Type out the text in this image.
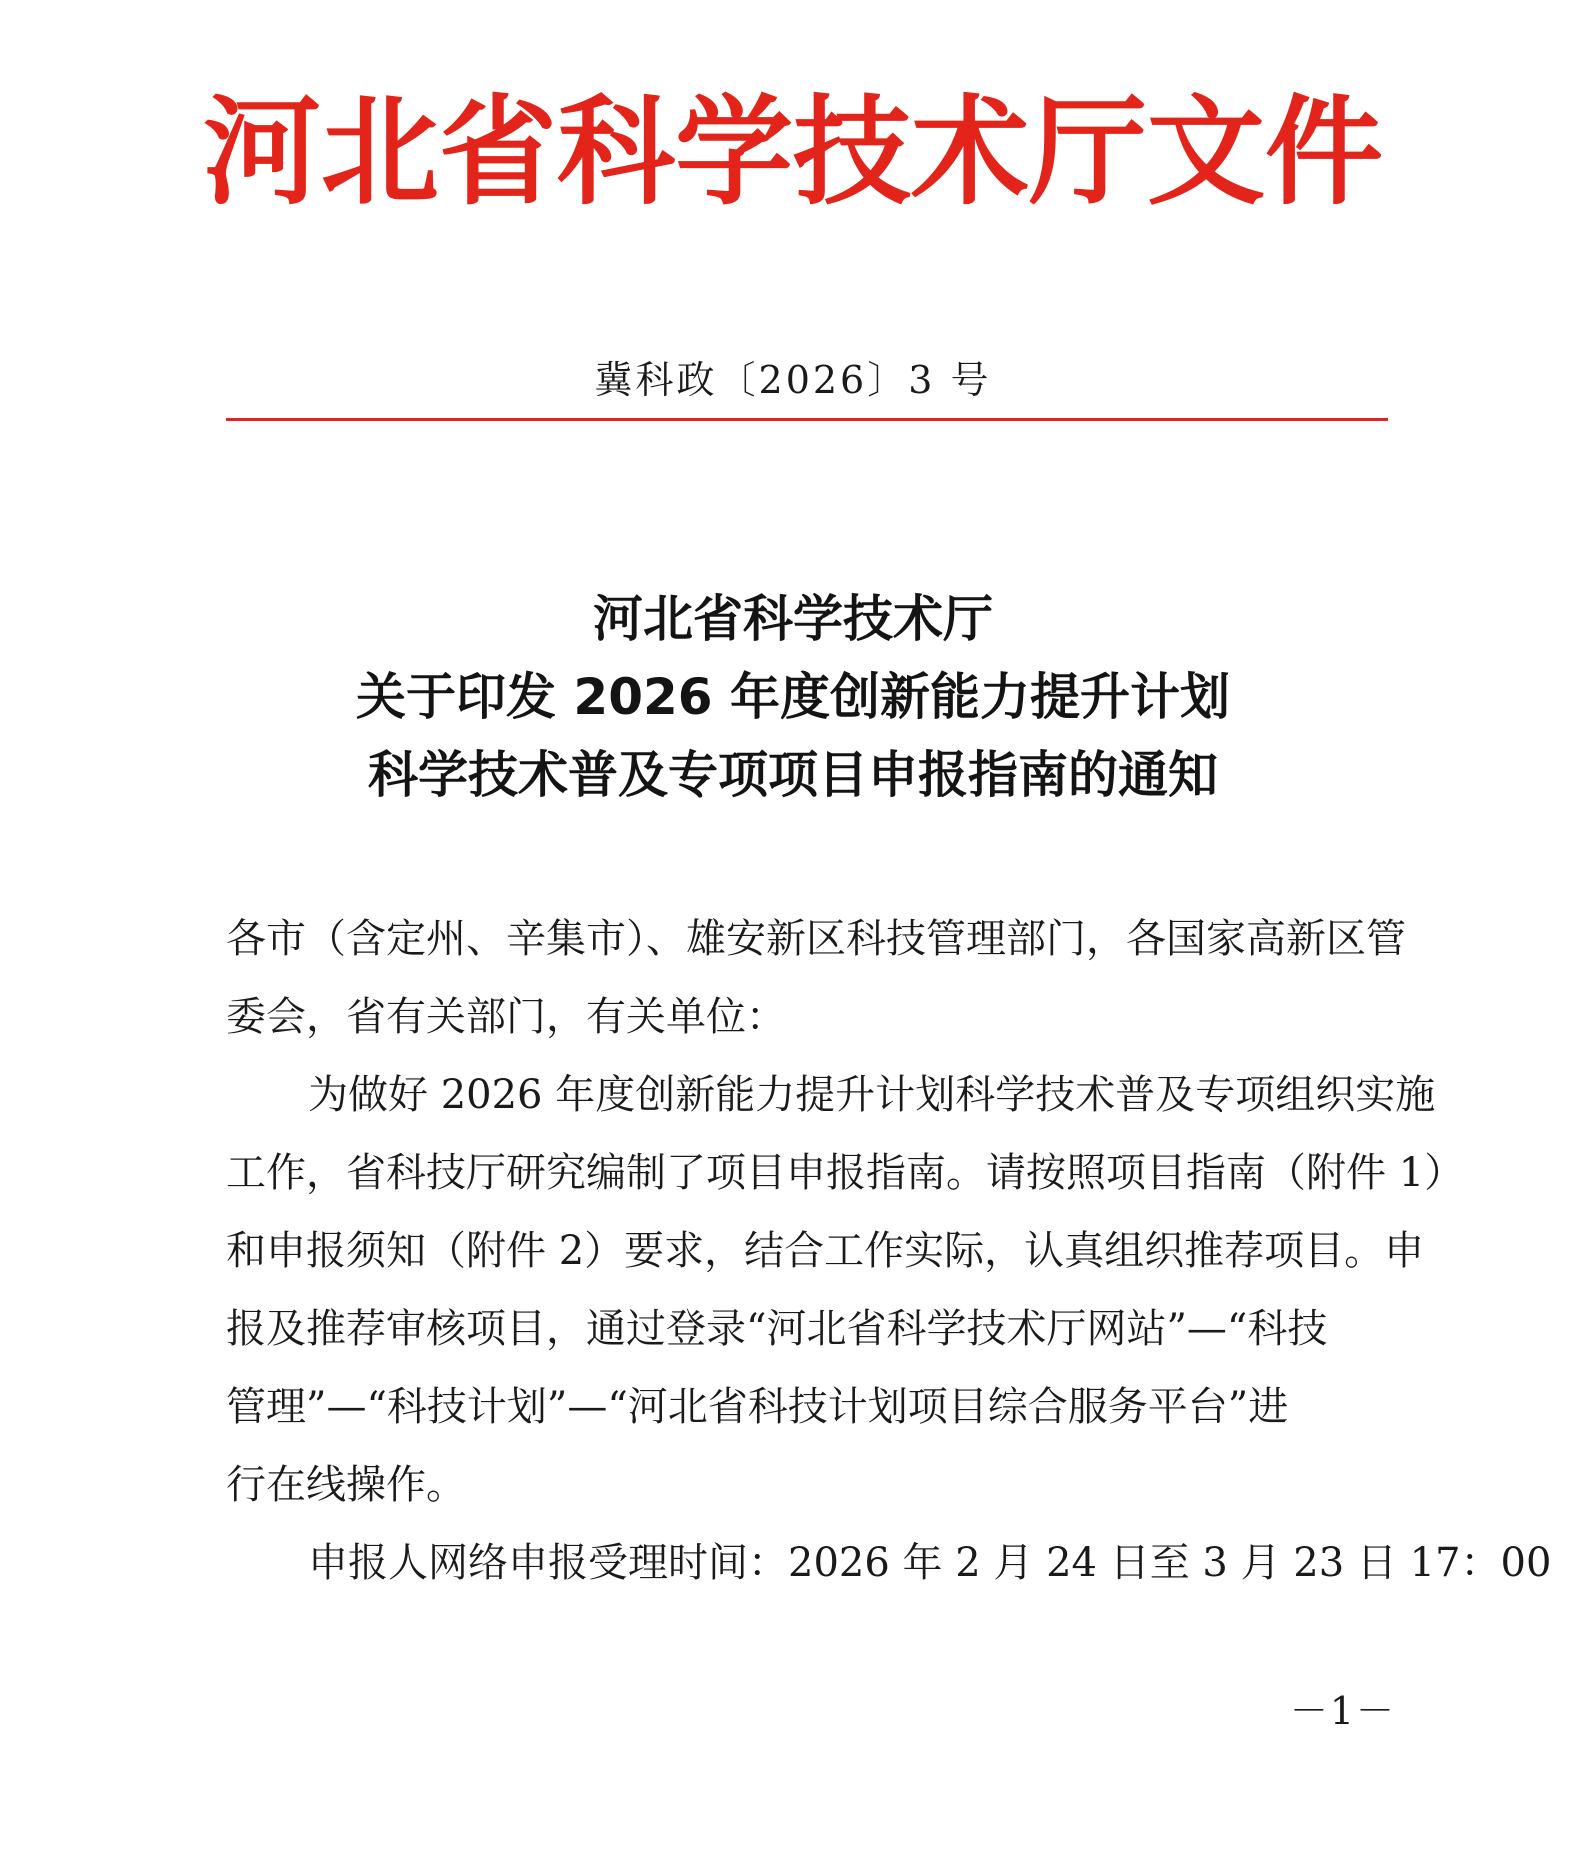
河北省科学技术厅文件
冀科政〔2026〕3 号
河北省科学技术厅
关于印发 2026 年度创新能力提升计划
科学技术普及专项项目申报指南的通知
各市（含定州、辛集市）、雄安新区科技管理部门，各国家高新区管
委会，省有关部门，有关单位：
为做好 2026 年度创新能力提升计划科学技术普及专项组织实施
工作，省科技厅研究编制了项目申报指南。请按照项目指南（附件 1）
和申报须知（附件 2）要求，结合工作实际，认真组织推荐项目。申
报及推荐审核项目，通过登录“河北省科学技术厅网站”—“科技
管理”—“科技计划”—“河北省科技计划项目综合服务平台”进
行在线操作。
申报人网络申报受理时间：2026 年 2 月 24 日至 3 月 23 日 17：00
－1－
